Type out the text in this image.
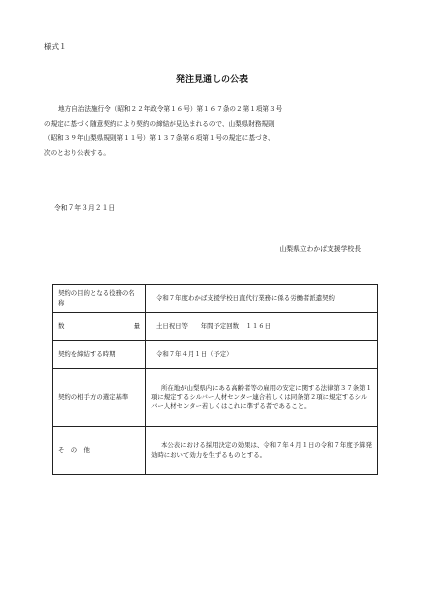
様式１
発注見通しの公表
地方自治法施行令（昭和２２年政令第１６号）第１６７条の２第１項第３号
の規定に基づく随意契約により契約の締結が見込まれるので、山梨県財務規則
（昭和３９年山梨県規則第１１号）第１３７条第６項第１号の規定に基づき、
次のとおり公表する。
令和７年３月２１日
山梨県立わかば支援学校長
契約の目的となる役務の名称	令和７年度わかば支援学校日直代行業務に係る労働者派遣契約

数 量	土日祝日等　　年間予定回数　１１６日
契約を締結する時期	令和７年４月１日（予定）
契約の相手方の選定基準	所在地が山梨県内にある高齢者等の雇用の安定に関する法律第３７条第１項に規定するシルバー人材センター連合若しくは同条第２項に規定するシルバー人材センター若しくはこれに準ずる者であること。
そ　の　他	本公表における採用決定の効果は、令和７年４月１日の令和７年度予算発効時において効力を生ずるものとする。
